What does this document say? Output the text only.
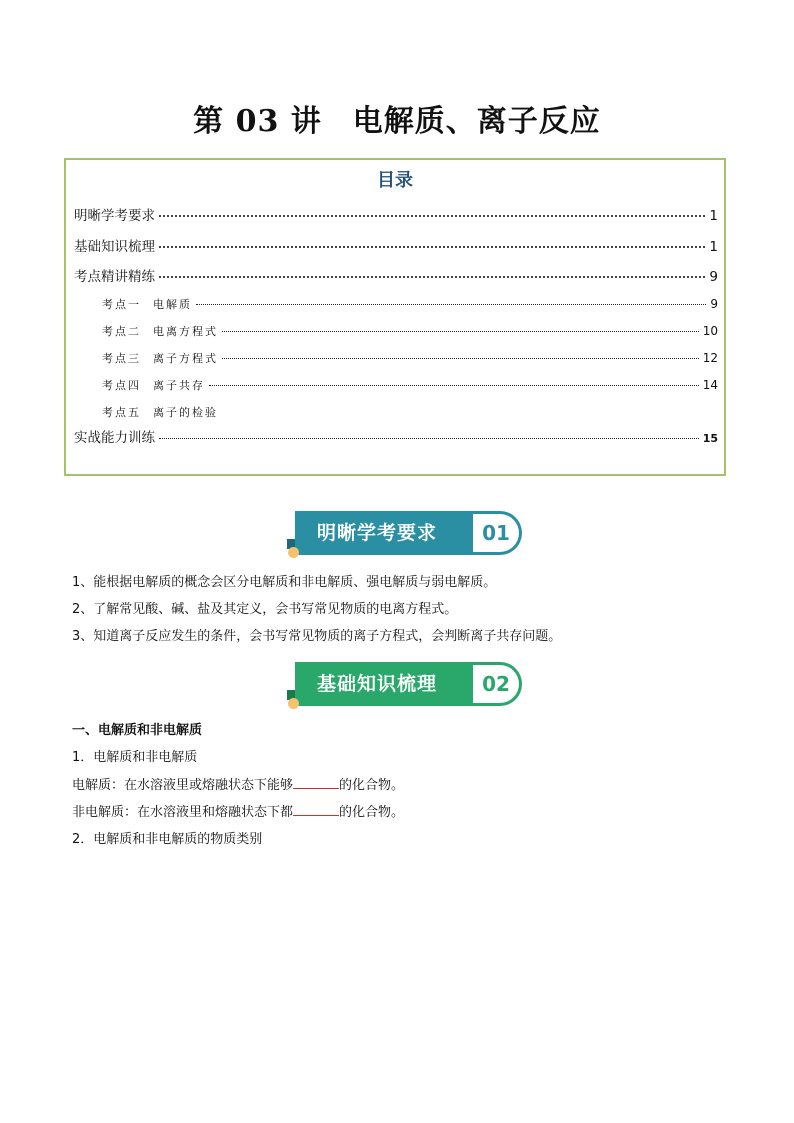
第 03 讲　电解质、离子反应
目录
明晰学考要求	1
基础知识梳理	1
考点精讲精练	9
考点一 电解质	9
考点二 电离方程式	10
考点三 离子方程式	12
考点四 离子共存	14
考点五 离子的检验
实战能力训练	15
明晰学考要求	01
1、能根据电解质的概念会区分电解质和非电解质、强电解质与弱电解质。
2、了解常见酸、碱、盐及其定义，会书写常见物质的电离方程式。
3、知道离子反应发生的条件，会书写常见物质的离子方程式，会判断离子共存问题。
基础知识梳理	02
一、电解质和非电解质
1．电解质和非电解质
电解质：在水溶液里或熔融状态下能够	的化合物。
非电解质：在水溶液里和熔融状态下都	的化合物。
2．电解质和非电解质的物质类别
